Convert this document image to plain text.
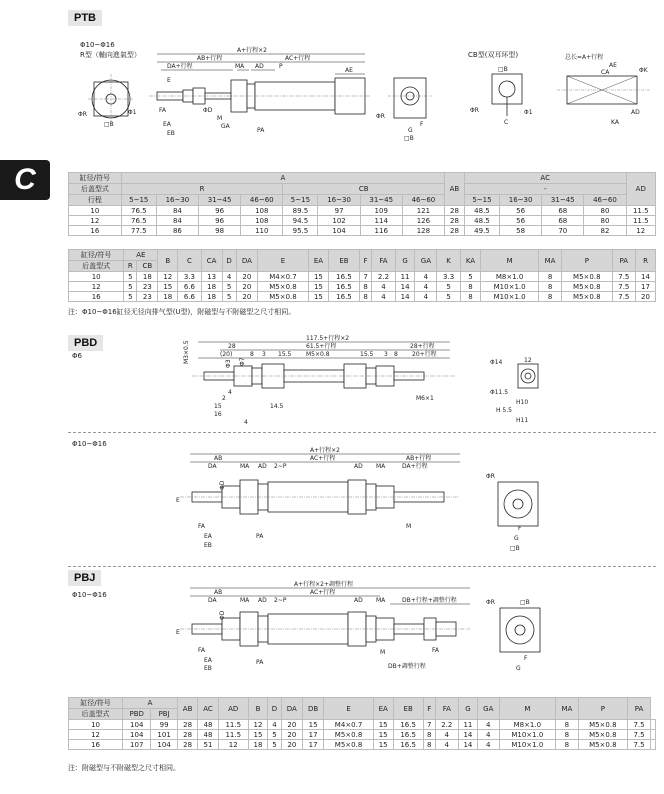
C
PTB
Φ10~Φ16
R型（軸向進氣型）	CB型(双耳环型)
ΦR	Φ1
□B
A+行程×2
AB+行程	AC+行程
DA+行程	MA AD	P
AE
E
FA	ΦD
M
GA
PA
EA
EB
ΦR
F
G
□B
□B
ΦR
C
Φ1
总长=A+行程
AE
CA	ΦK
AD
KA
缸径/符号	A								AB	AC				AD
后盖型式	R				CB					-				
行程	5~15	16~30	31~45	46~60	5~15	16~30	31~45	46~60		5~15	16~30	31~45	46~60	
10	76.5	84	96	108	89.5	97	109	121	28	48.5	56	68	80	11.5
12	76.5	84	96	108	94.5	102	114	126	28	48.5	56	68	80	11.5
16	77.5	86	98	110	95.5	104	116	128	28	49.5	58	70	82	12
缸径/符号	AE		B	C	CA	D	DA	E	EA	EB	F	FA	G	GA	K	KA	M	MA	P	PA	R
后盖型式	R	CB																			
10	5	18	12	3.3	13	4	20	M4×0.7	15	16.5	7	2.2	11	4	3.3	5	M8×1.0	8	M5×0.8	7.5	14
12	5	23	15	6.6	18	5	20	M5×0.8	15	16.5	8	4	14	4	5	8	M10×1.0	8	M5×0.8	7.5	17
16	5	23	18	6.6	18	5	20	M5×0.8	15	16.5	8	4	14	4	5	8	M10×1.0	8	M5×0.8	7.5	20
注：Φ10~Φ16缸径无径向排气型(U型)，附磁型与不附磁型之尺寸相同。
PBD
Φ6
117.5+行程×2
61.5+行程	28+行程
28
(20)	8 3 15.5 M5×0.8	15.5 3 8 20+行程
M3×0.5	Φ3 Φ7
4
2
15
16
14.5
4
M6×1
Φ14	12
Φ11.5
H10
H 5.5
H11
Φ10~Φ16
A+行程×2
AB	AC+行程	AB+行程
DA	MA AD 2~P	AD MA	DA+行程
E
ΦD
FA
EA
EB
PA
M
ΦR
F
G
□B
PBJ
Φ10~Φ16
A+行程×2+調整行程
AB	AC+行程
DA	MA AD 2~P	AD MA	DB+行程+調整行程
E
ΦD
FA
EA
EB
PA
M	FA
DB+調整行程
ΦR	□B
F
G
缸径/符号	A		AB	AC	AD	B	D	DA	DB	E	EA	EB	F	FA	G	GA	M	MA	P	PA	
后盖型式	PBD	PBJ																			
10	104	99	28	48	11.5	12	4	20	15	M4×0.7	15	16.5	7	2.2	11	4	M8×1.0	8	M5×0.8	7.5	
12	104	101	28	48	11.5	15	5	20	17	M5×0.8	15	16.5	8	4	14	4	M10×1.0	8	M5×0.8	7.5	
16	107	104	28	51	12	18	5	20	17	M5×0.8	15	16.5	8	4	14	4	M10×1.0	8	M5×0.8	7.5	
注：附磁型与不附磁型之尺寸相同。
